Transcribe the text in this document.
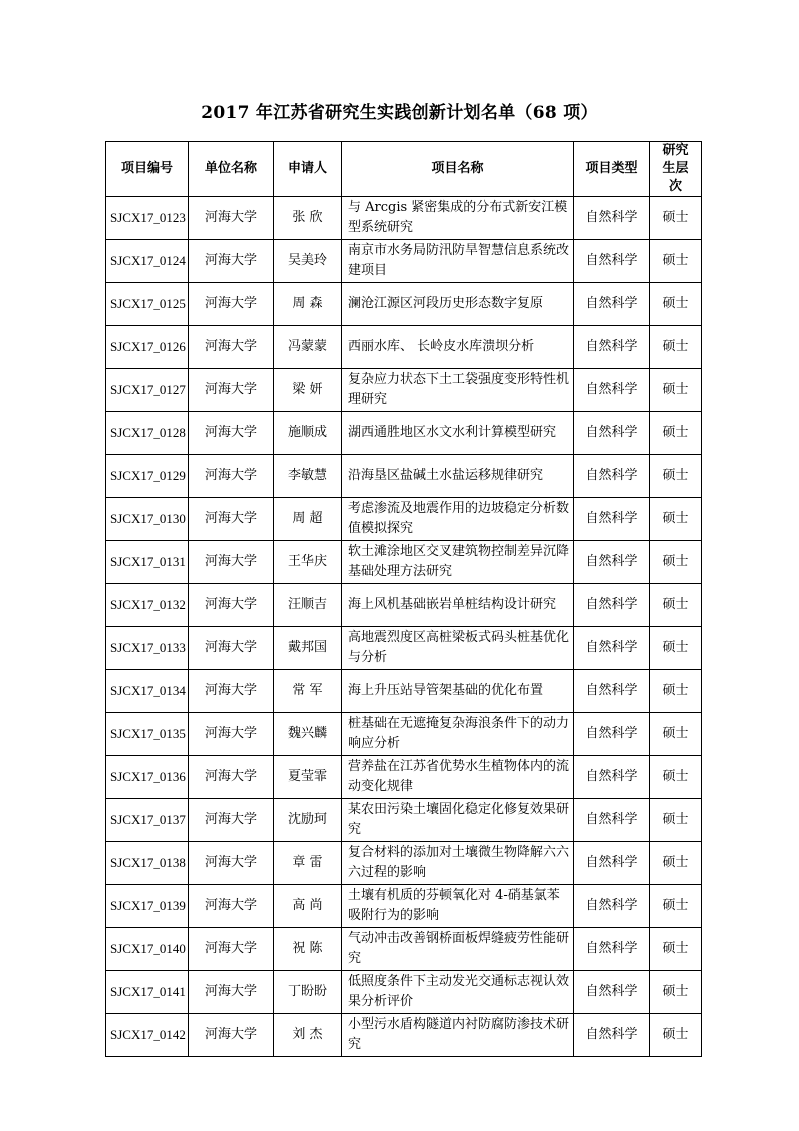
2017 年江苏省研究生实践创新计划名单（68 项）
项目编号	单位名称	申请人	项目名称	项目类型	研究生层次
SJCX17_0123	河海大学	张 欣	与 Arcgis 紧密集成的分布式新安江模型系统研究	自然科学	硕士
SJCX17_0124	河海大学	吴美玲	南京市水务局防汛防旱智慧信息系统改建项目	自然科学	硕士
SJCX17_0125	河海大学	周 森	澜沧江源区河段历史形态数字复原	自然科学	硕士
SJCX17_0126	河海大学	冯蒙蒙	西丽水库、 长岭皮水库溃坝分析	自然科学	硕士
SJCX17_0127	河海大学	梁 妍	复杂应力状态下土工袋强度变形特性机理研究	自然科学	硕士
SJCX17_0128	河海大学	施顺成	湖西通胜地区水文水利计算模型研究	自然科学	硕士
SJCX17_0129	河海大学	李敏慧	沿海垦区盐碱土水盐运移规律研究	自然科学	硕士
SJCX17_0130	河海大学	周 超	考虑渗流及地震作用的边坡稳定分析数值模拟探究	自然科学	硕士
SJCX17_0131	河海大学	王华庆	软土滩涂地区交叉建筑物控制差异沉降基础处理方法研究	自然科学	硕士
SJCX17_0132	河海大学	汪顺吉	海上风机基础嵌岩单桩结构设计研究	自然科学	硕士
SJCX17_0133	河海大学	戴邦国	高地震烈度区高桩梁板式码头桩基优化与分析	自然科学	硕士
SJCX17_0134	河海大学	常 军	海上升压站导管架基础的优化布置	自然科学	硕士
SJCX17_0135	河海大学	魏兴麟	桩基础在无遮掩复杂海浪条件下的动力响应分析	自然科学	硕士
SJCX17_0136	河海大学	夏莹霏	营养盐在江苏省优势水生植物体内的流动变化规律	自然科学	硕士
SJCX17_0137	河海大学	沈励珂	某农田污染土壤固化稳定化修复效果研究	自然科学	硕士
SJCX17_0138	河海大学	章 雷	复合材料的添加对土壤微生物降解六六六过程的影响	自然科学	硕士
SJCX17_0139	河海大学	高 尚	土壤有机质的芬顿氧化对 4-硝基氯苯吸附行为的影响	自然科学	硕士
SJCX17_0140	河海大学	祝 陈	气动冲击改善钢桥面板焊缝疲劳性能研究	自然科学	硕士
SJCX17_0141	河海大学	丁盼盼	低照度条件下主动发光交通标志视认效果分析评价	自然科学	硕士
SJCX17_0142	河海大学	刘 杰	小型污水盾构隧道内衬防腐防渗技术研究	自然科学	硕士
